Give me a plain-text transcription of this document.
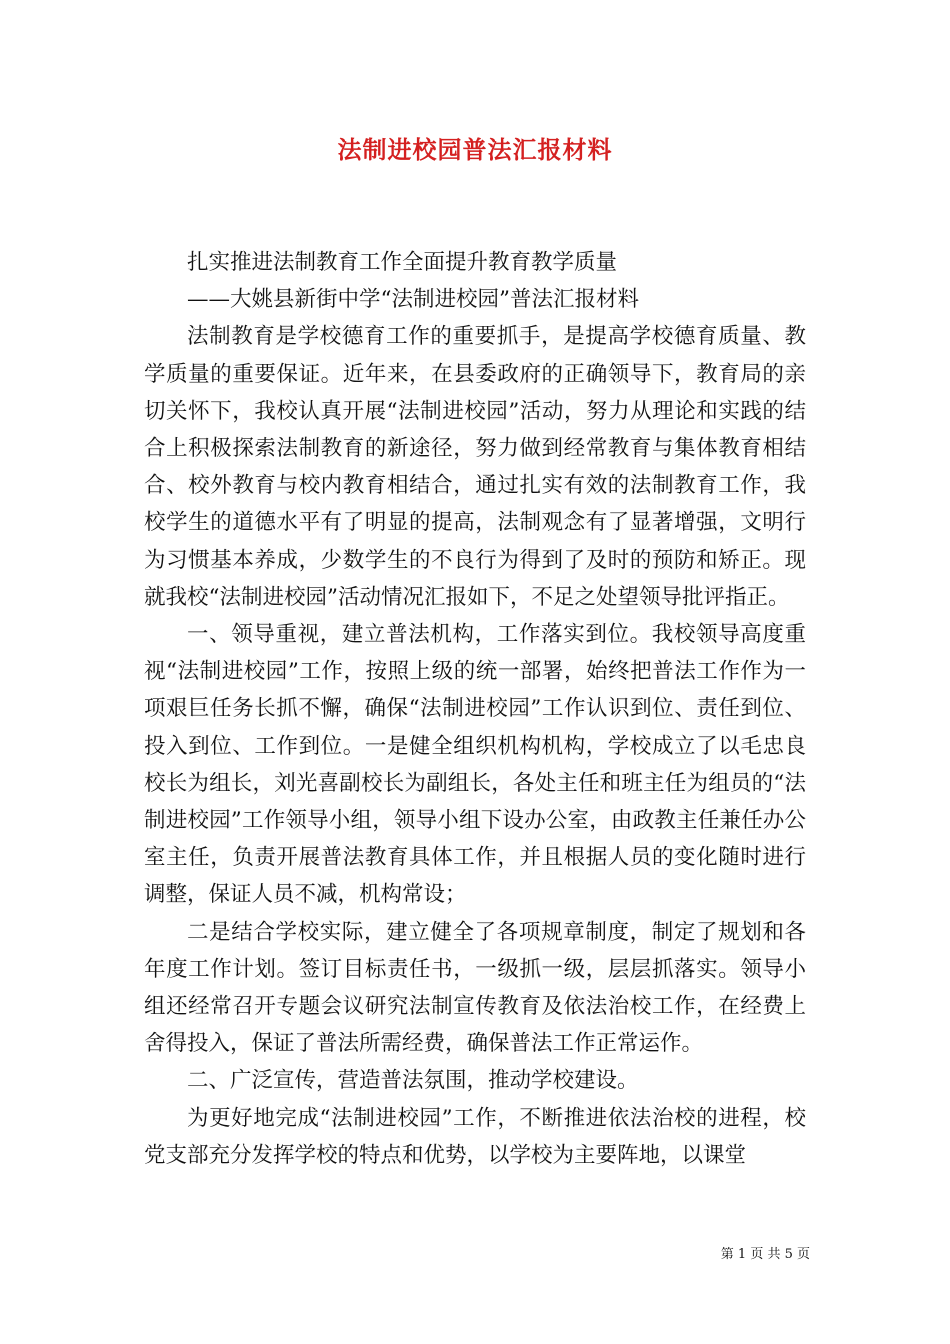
法制进校园普法汇报材料

扎实推进法制教育工作全面提升教育教学质量

——大姚县新街中学“法制进校园”普法汇报材料

法制教育是学校德育工作的重要抓手，是提高学校德育质量、教学质量的重要保证。近年来，在县委政府的正确领导下，教育局的亲切关怀下，我校认真开展“法制进校园”活动，努力从理论和实践的结合上积极探索法制教育的新途径，努力做到经常教育与集体教育相结合、校外教育与校内教育相结合，通过扎实有效的法制教育工作，我校学生的道德水平有了明显的提高，法制观念有了显著增强，文明行为习惯基本养成，少数学生的不良行为得到了及时的预防和矫正。现就我校“法制进校园”活动情况汇报如下，不足之处望领导批评指正。

一、领导重视，建立普法机构，工作落实到位。我校领导高度重视“法制进校园”工作，按照上级的统一部署，始终把普法工作作为一项艰巨任务长抓不懈，确保“法制进校园”工作认识到位、责任到位、投入到位、工作到位。一是健全组织机构机构，学校成立了以毛忠良校长为组长，刘光喜副校长为副组长，各处主任和班主任为组员的“法制进校园”工作领导小组，领导小组下设办公室，由政教主任兼任办公室主任，负责开展普法教育具体工作，并且根据人员的变化随时进行调整，保证人员不减，机构常设；

二是结合学校实际，建立健全了各项规章制度，制定了规划和各年度工作计划。签订目标责任书，一级抓一级，层层抓落实。领导小组还经常召开专题会议研究法制宣传教育及依法治校工作，在经费上舍得投入，保证了普法所需经费，确保普法工作正常运作。

二、广泛宣传，营造普法氛围，推动学校建设。

为更好地完成“法制进校园”工作，不断推进依法治校的进程，校党支部充分发挥学校的特点和优势，以学校为主要阵地，以课堂

第 1 页 共 5 页
